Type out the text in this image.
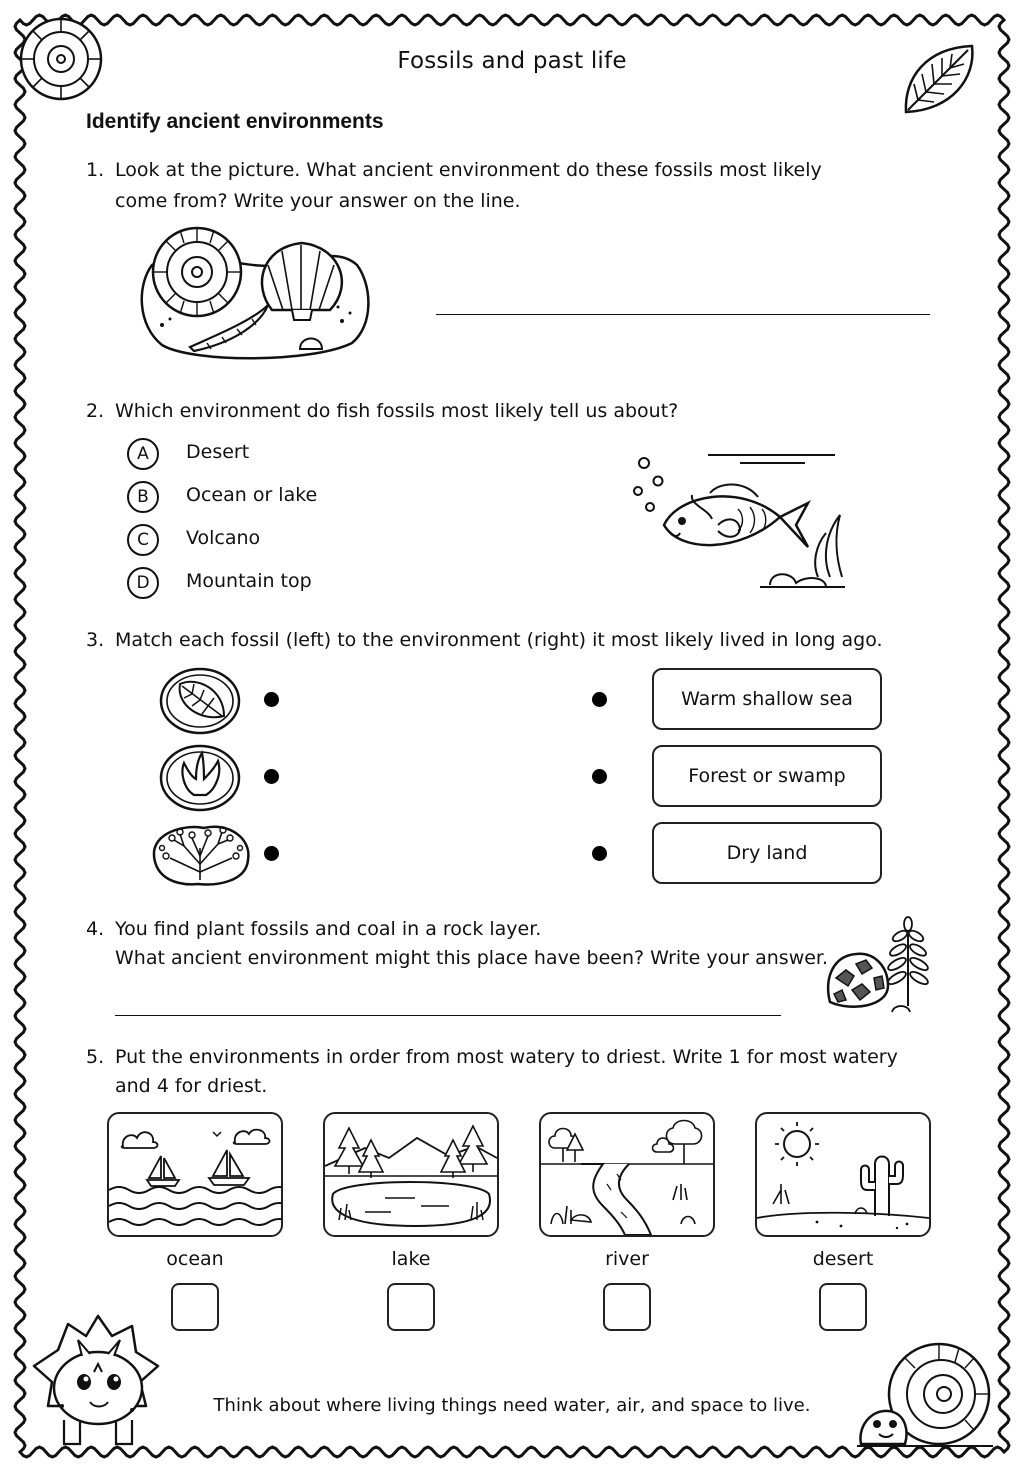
Fossils and past life
Identify ancient environments
1. Look at the picture. What ancient environment do these fossils most likely
come from? Write your answer on the line.
2. Which environment do fish fossils most likely tell us about?
A	Desert
B	Ocean or lake
C	Volcano
D	Mountain top
3. Match each fossil (left) to the environment (right) it most likely lived in long ago.
Warm shallow sea
Forest or swamp
Dry land
4. You find plant fossils and coal in a rock layer.
What ancient environment might this place have been? Write your answer.
5. Put the environments in order from most watery to driest. Write 1 for most watery
and 4 for driest.
ocean	lake	river	desert
Think about where living things need water, air, and space to live.
